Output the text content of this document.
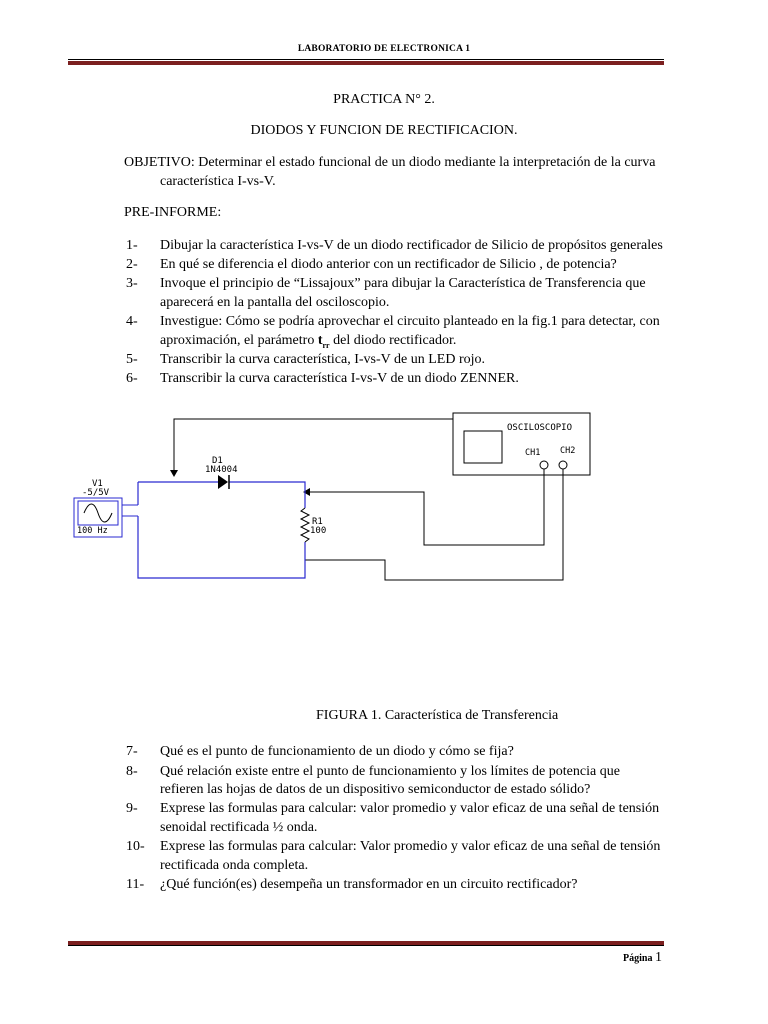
LABORATORIO DE ELECTRONICA 1
PRACTICA N° 2.
DIODOS Y FUNCION DE RECTIFICACION.
OBJETIVO: Determinar el estado funcional de un diodo mediante la interpretación de la curva
característica I-vs-V.
PRE-INFORME:
1- Dibujar la característica I-vs-V de un diodo rectificador de Silicio de propósitos generales
2- En qué se diferencia el diodo anterior con un rectificador de Silicio , de potencia?
3- Invoque el principio de “Lissajoux” para dibujar la Característica de Transferencia que
aparecerá en la pantalla del osciloscopio.
4- Investigue: Cómo se podría aprovechar el circuito planteado en la fig.1 para detectar, con
aproximación, el parámetro $t_{rr}$ del diodo rectificador.
5- Transcribir la curva característica, I-vs-V de un LED rojo.
6- Transcribir la curva característica I-vs-V de un diodo ZENNER.
OSCILOSCOPIO
CH1 CH2
D1
1N4004
R1
100
V1
-5/5V
100 Hz
FIGURA 1. Característica de Transferencia
7- Qué es el punto de funcionamiento de un diodo y cómo se fija?
8- Qué relación existe entre el punto de funcionamiento y los límites de potencia que
refieren las hojas de datos de un dispositivo semiconductor de estado sólido?
9- Exprese las formulas para calcular: valor promedio y valor eficaz de una señal de tensión
senoidal rectificada ½ onda.
10- Exprese las formulas para calcular: Valor promedio y valor eficaz de una señal de tensión
rectificada onda completa.
11- ¿Qué función(es) desempeña un transformador en un circuito rectificador?
Página 1
